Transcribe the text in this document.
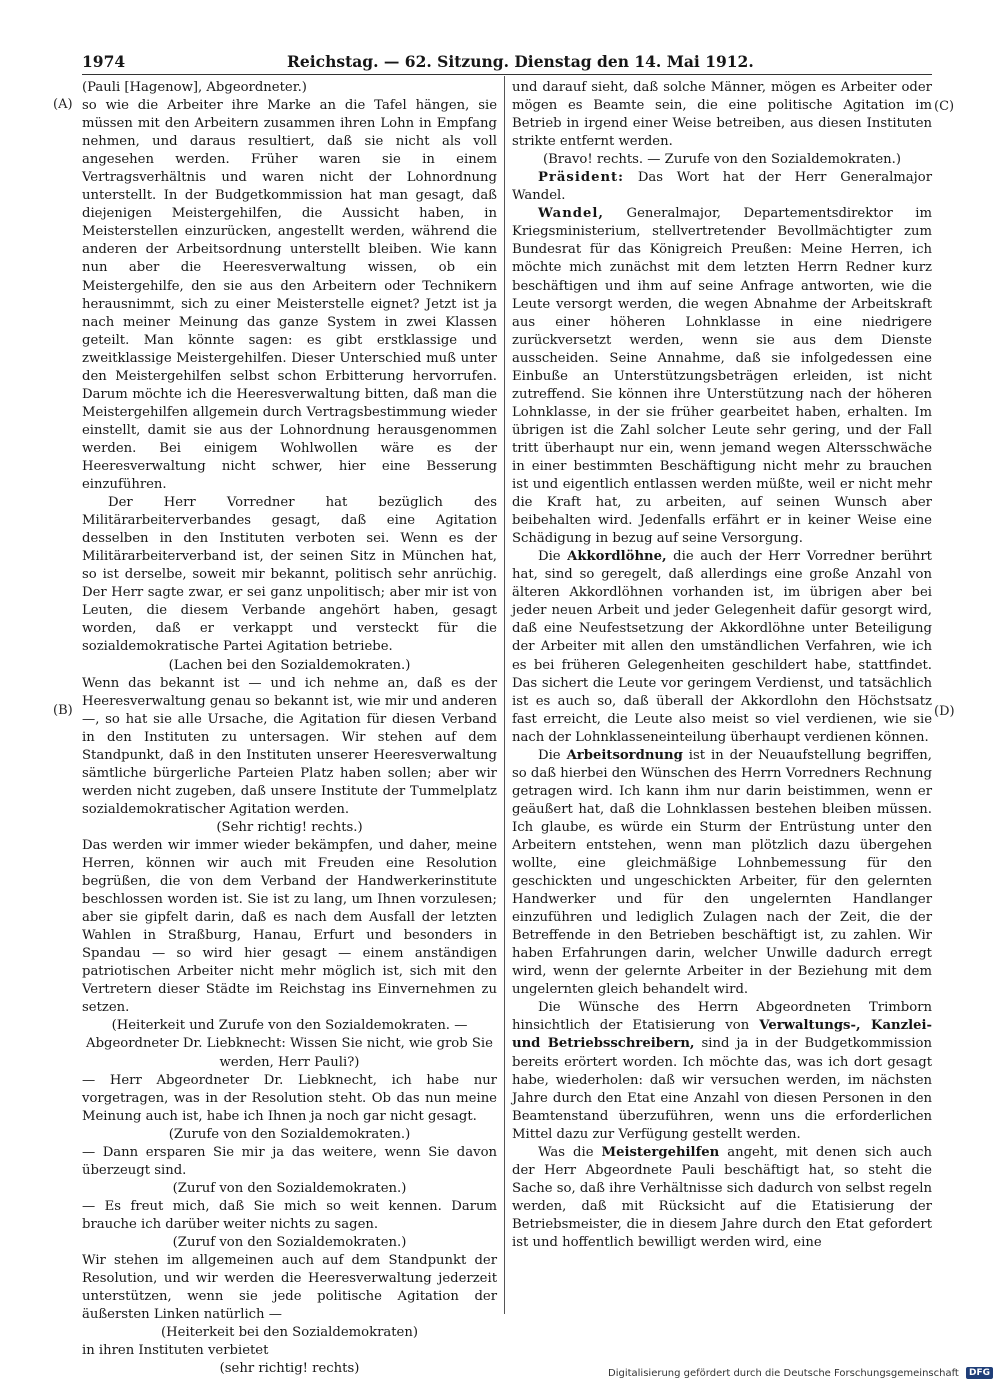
1974	Reichstag. — 62. Sitzung. Dienstag den 14. Mai 1912.
(A)
(B)
(C)
(D)

(Pauli [Hagenow], Abgeordneter.)

so wie die Arbeiter ihre Marke an die Tafel hängen, sie müssen mit den Arbeitern zusammen ihren Lohn in Empfang nehmen, und daraus resultiert, daß sie nicht als voll angesehen werden. Früher waren sie in einem Vertragsverhältnis und waren nicht der Lohnordnung unterstellt. In der Budgetkommission hat man gesagt, daß diejenigen Meistergehilfen, die Aussicht haben, in Meisterstellen einzurücken, angestellt werden, während die anderen der Arbeitsordnung unterstellt bleiben. Wie kann nun aber die Heeresverwaltung wissen, ob ein Meistergehilfe, den sie aus den Arbeitern oder Technikern herausnimmt, sich zu einer Meisterstelle eignet? Jetzt ist ja nach meiner Meinung das ganze System in zwei Klassen geteilt. Man könnte sagen: es gibt erstklassige und zweitklassige Meistergehilfen. Dieser Unterschied muß unter den Meistergehilfen selbst schon Erbitterung hervorrufen. Darum möchte ich die Heeresverwaltung bitten, daß man die Meistergehilfen allgemein durch Vertragsbestimmung wieder einstellt, damit sie aus der Lohnordnung herausgenommen werden. Bei einigem Wohlwollen wäre es der Heeresverwaltung nicht schwer, hier eine Besserung einzuführen.

Der Herr Vorredner hat bezüglich des Militärarbeiterverbandes gesagt, daß eine Agitation desselben in den Instituten verboten sei. Wenn es der Militärarbeiterverband ist, der seinen Sitz in München hat, so ist derselbe, soweit mir bekannt, politisch sehr anrüchig. Der Herr sagte zwar, er sei ganz unpolitisch; aber mir ist von Leuten, die diesem Verbande angehört haben, gesagt worden, daß er verkappt und versteckt für die sozialdemokratische Partei Agitation betriebe.

(Lachen bei den Sozialdemokraten.)

Wenn das bekannt ist — und ich nehme an, daß es der Heeresverwaltung genau so bekannt ist, wie mir und anderen —, so hat sie alle Ursache, die Agitation für diesen Verband in den Instituten zu untersagen. Wir stehen auf dem Standpunkt, daß in den Instituten unserer Heeresverwaltung sämtliche bürgerliche Parteien Platz haben sollen; aber wir werden nicht zugeben, daß unsere Institute der Tummelplatz sozialdemokratischer Agitation werden.

(Sehr richtig! rechts.)

Das werden wir immer wieder bekämpfen, und daher, meine Herren, können wir auch mit Freuden eine Resolution begrüßen, die von dem Verband der Handwerkerinstitute beschlossen worden ist. Sie ist zu lang, um Ihnen vorzulesen; aber sie gipfelt darin, daß es nach dem Ausfall der letzten Wahlen in Straßburg, Hanau, Erfurt und besonders in Spandau — so wird hier gesagt — einem anständigen patriotischen Arbeiter nicht mehr möglich ist, sich mit den Vertretern dieser Städte im Reichstag ins Einvernehmen zu setzen.

(Heiterkeit und Zurufe von den Sozialdemokraten. — Abgeordneter Dr. Liebknecht: Wissen Sie nicht, wie grob Sie werden, Herr Pauli?)

— Herr Abgeordneter Dr. Liebknecht, ich habe nur vorgetragen, was in der Resolution steht. Ob das nun meine Meinung auch ist, habe ich Ihnen ja noch gar nicht gesagt.

(Zurufe von den Sozialdemokraten.)

— Dann ersparen Sie mir ja das weitere, wenn Sie davon überzeugt sind.

(Zuruf von den Sozialdemokraten.)

— Es freut mich, daß Sie mich so weit kennen. Darum brauche ich darüber weiter nichts zu sagen.

(Zuruf von den Sozialdemokraten.)

Wir stehen im allgemeinen auch auf dem Standpunkt der Resolution, und wir werden die Heeresverwaltung jederzeit unterstützen, wenn sie jede politische Agitation der äußersten Linken natürlich —

(Heiterkeit bei den Sozialdemokraten)

in ihren Instituten verbietet

(sehr richtig! rechts)

und darauf sieht, daß solche Männer, mögen es Arbeiter oder mögen es Beamte sein, die eine politische Agitation im Betrieb in irgend einer Weise betreiben, aus diesen Instituten strikte entfernt werden.

(Bravo! rechts. — Zurufe von den Sozialdemokraten.)

Präsident: Das Wort hat der Herr Generalmajor Wandel.

Wandel, Generalmajor, Departementsdirektor im Kriegsministerium, stellvertretender Bevollmächtigter zum Bundesrat für das Königreich Preußen: Meine Herren, ich möchte mich zunächst mit dem letzten Herrn Redner kurz beschäftigen und ihm auf seine Anfrage antworten, wie die Leute versorgt werden, die wegen Abnahme der Arbeitskraft aus einer höheren Lohnklasse in eine niedrigere zurückversetzt werden, wenn sie aus dem Dienste ausscheiden. Seine Annahme, daß sie infolgedessen eine Einbuße an Unterstützungsbeträgen erleiden, ist nicht zutreffend. Sie können ihre Unterstützung nach der höheren Lohnklasse, in der sie früher gearbeitet haben, erhalten. Im übrigen ist die Zahl solcher Leute sehr gering, und der Fall tritt überhaupt nur ein, wenn jemand wegen Altersschwäche in einer bestimmten Beschäftigung nicht mehr zu brauchen ist und eigentlich entlassen werden müßte, weil er nicht mehr die Kraft hat, zu arbeiten, auf seinen Wunsch aber beibehalten wird. Jedenfalls erfährt er in keiner Weise eine Schädigung in bezug auf seine Versorgung.

Die Akkordlöhne, die auch der Herr Vorredner berührt hat, sind so geregelt, daß allerdings eine große Anzahl von älteren Akkordlöhnen vorhanden ist, im übrigen aber bei jeder neuen Arbeit und jeder Gelegenheit dafür gesorgt wird, daß eine Neufestsetzung der Akkordlöhne unter Beteiligung der Arbeiter mit allen den umständlichen Verfahren, wie ich es bei früheren Gelegenheiten geschildert habe, stattfindet. Das sichert die Leute vor geringem Verdienst, und tatsächlich ist es auch so, daß überall der Akkordlohn den Höchstsatz fast erreicht, die Leute also meist so viel verdienen, wie sie nach der Lohnklasseneinteilung überhaupt verdienen können.

Die Arbeitsordnung ist in der Neuaufstellung begriffen, so daß hierbei den Wünschen des Herrn Vorredners Rechnung getragen wird. Ich kann ihm nur darin beistimmen, wenn er geäußert hat, daß die Lohnklassen bestehen bleiben müssen. Ich glaube, es würde ein Sturm der Entrüstung unter den Arbeitern entstehen, wenn man plötzlich dazu übergehen wollte, eine gleichmäßige Lohnbemessung für den geschickten und ungeschickten Arbeiter, für den gelernten Handwerker und für den ungelernten Handlanger einzuführen und lediglich Zulagen nach der Zeit, die der Betreffende in den Betrieben beschäftigt ist, zu zahlen. Wir haben Erfahrungen darin, welcher Unwille dadurch erregt wird, wenn der gelernte Arbeiter in der Beziehung mit dem ungelernten gleich behandelt wird.

Die Wünsche des Herrn Abgeordneten Trimborn hinsichtlich der Etatisierung von Verwaltungs-, Kanzlei- und Betriebsschreibern, sind ja in der Budgetkommission bereits erörtert worden. Ich möchte das, was ich dort gesagt habe, wiederholen: daß wir versuchen werden, im nächsten Jahre durch den Etat eine Anzahl von diesen Personen in den Beamtenstand überzuführen, wenn uns die erforderlichen Mittel dazu zur Verfügung gestellt werden.

Was die Meistergehilfen angeht, mit denen sich auch der Herr Abgeordnete Pauli beschäftigt hat, so steht die Sache so, daß ihre Verhältnisse sich dadurch von selbst regeln werden, daß mit Rücksicht auf die Etatisierung der Betriebsmeister, die in diesem Jahre durch den Etat gefordert ist und hoffentlich bewilligt werden wird, eine

Digitalisierung gefördert durch die Deutsche Forschungsgemeinschaft DFG
